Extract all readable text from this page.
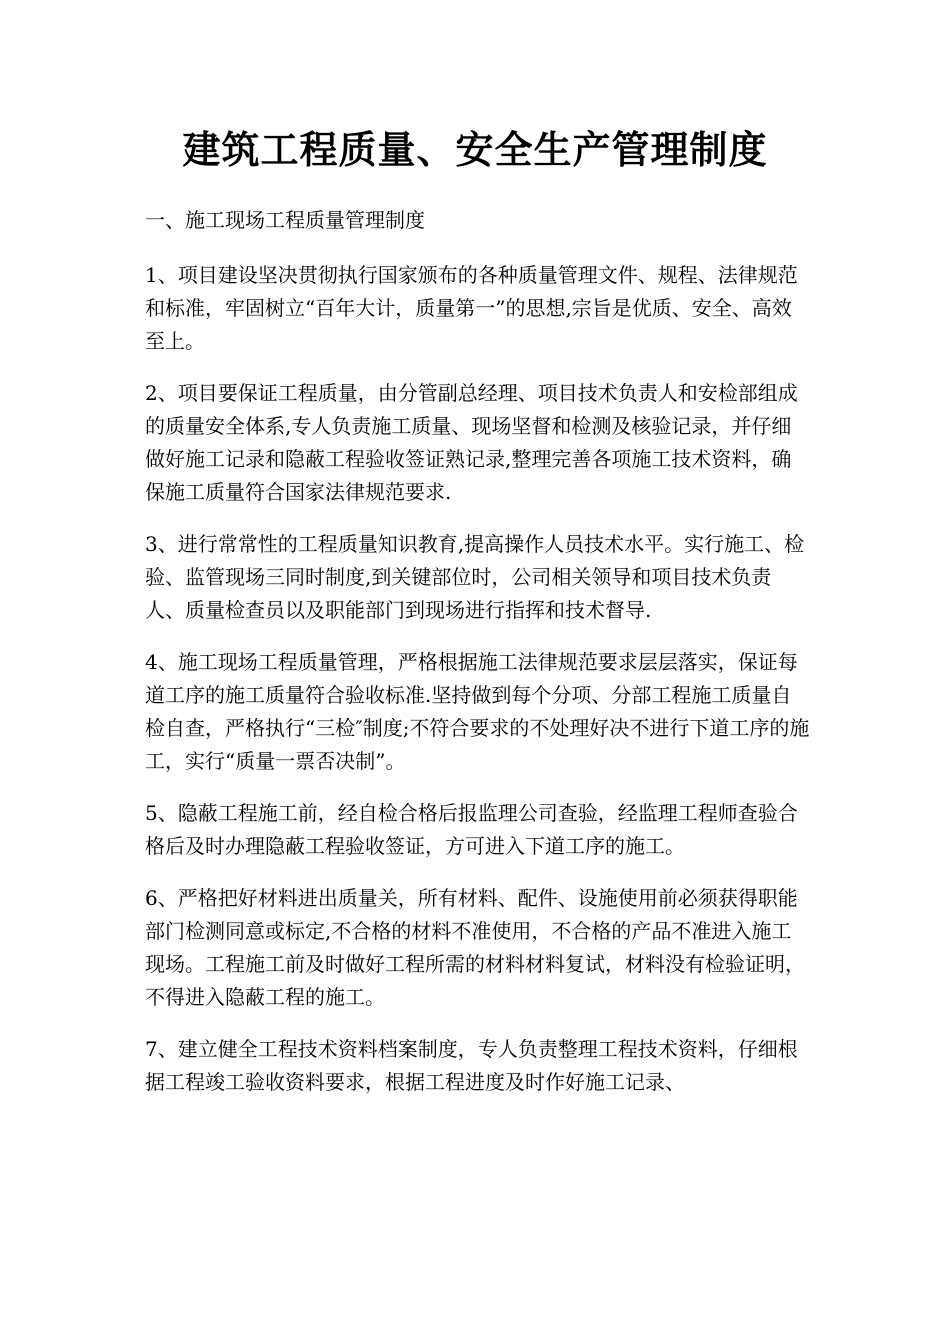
建筑工程质量、安全生产管理制度

一、施工现场工程质量管理制度

1、项目建设坚决贯彻执行国家颁布的各种质量管理文件、规程、法律规范和标准，牢固树立“百年大计，质量第一”的思想,宗旨是优质、安全、高效至上。

2、项目要保证工程质量，由分管副总经理、项目技术负责人和安检部组成的质量安全体系,专人负责施工质量、现场坚督和检测及核验记录，并仔细做好施工记录和隐蔽工程验收签证熟记录,整理完善各项施工技术资料，确保施工质量符合国家法律规范要求.

3、进行常常性的工程质量知识教育,提高操作人员技术水平。实行施工、检验、监管现场三同时制度,到关键部位时，公司相关领导和项目技术负责人、质量检查员以及职能部门到现场进行指挥和技术督导.

4、施工现场工程质量管理，严格根据施工法律规范要求层层落实，保证每道工序的施工质量符合验收标准.坚持做到每个分项、分部工程施工质量自检自查，严格执行“三检″制度;不符合要求的不处理好决不进行下道工序的施工，实行“质量一票否决制”。

5、隐蔽工程施工前，经自检合格后报监理公司查验，经监理工程师查验合格后及时办理隐蔽工程验收签证，方可进入下道工序的施工。

6、严格把好材料进出质量关，所有材料、配件、设施使用前必须获得职能部门检测同意或标定,不合格的材料不准使用，不合格的产品不准进入施工现场。工程施工前及时做好工程所需的材料材料复试，材料没有检验证明，不得进入隐蔽工程的施工。

7、建立健全工程技术资料档案制度，专人负责整理工程技术资料，仔细根据工程竣工验收资料要求，根据工程进度及时作好施工记录、
